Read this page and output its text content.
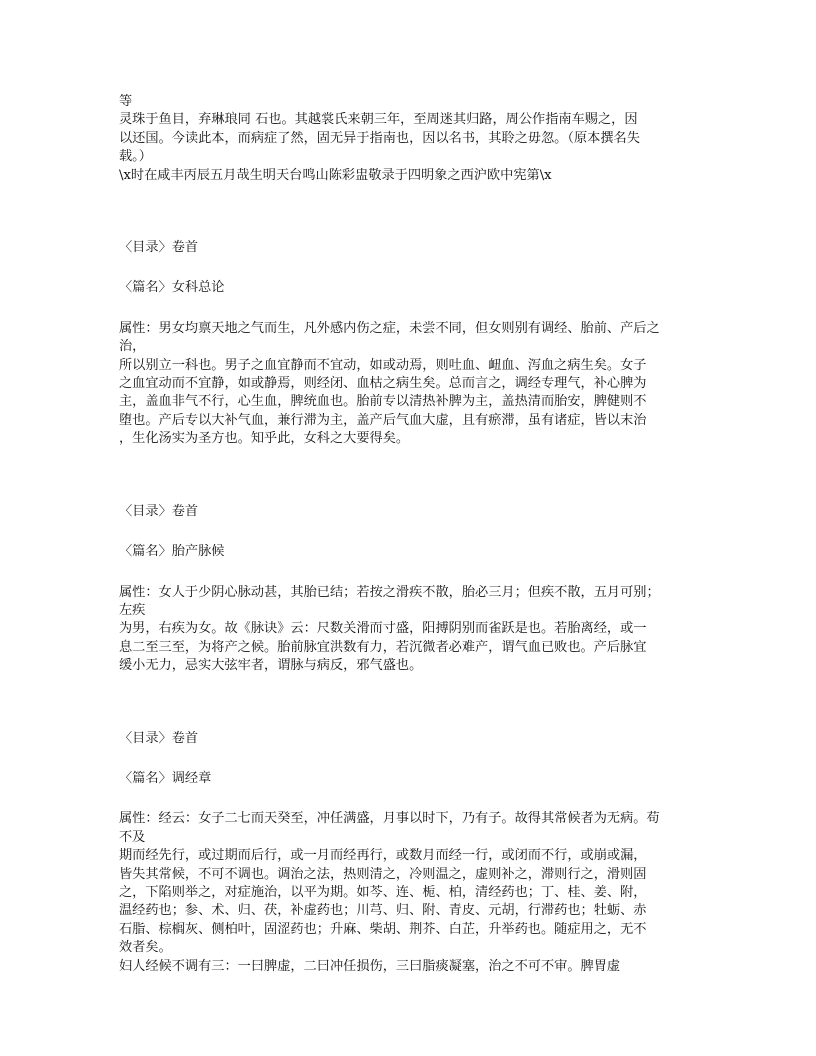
等

灵珠于鱼目，弃琳琅同 石也。其越裳氏来朝三年，至周迷其归路，周公作指南车赐之，因

以还国。今读此本，而病症了然，固无异于指南也，因以名书，其聆之毋忽。（原本撰名失

载。）

\x时在咸丰丙辰五月哉生明天台鸣山陈彩盅敬录于四明象之西沪欧中宪第\x

〈目录〉卷首

〈篇名〉女科总论

属性：男女均禀天地之气而生，凡外感内伤之症，未尝不同，但女则别有调经、胎前、产后之

治，

所以别立一科也。男子之血宜静而不宜动，如或动焉，则吐血、衄血、泻血之病生矣。女子

之血宜动而不宜静，如或静焉，则经闭、血枯之病生矣。总而言之，调经专理气，补心脾为

主，盖血非气不行，心生血，脾统血也。胎前专以清热补脾为主，盖热清而胎安，脾健则不

堕也。产后专以大补气血，兼行滞为主，盖产后气血大虚，且有瘀滞，虽有诸症，皆以末治

，生化汤实为圣方也。知乎此，女科之大要得矣。

〈目录〉卷首

〈篇名〉胎产脉候

属性：女人于少阴心脉动甚，其胎已结；若按之滑疾不散，胎必三月；但疾不散，五月可别；

左疾

为男，右疾为女。故《脉诀》云：尺数关滑而寸盛，阳搏阴别而雀跃是也。若胎离经，或一

息二至三至，为将产之候。胎前脉宜洪数有力，若沉微者必难产，谓气血已败也。产后脉宜

缓小无力，忌实大弦牢者，谓脉与病反，邪气盛也。

〈目录〉卷首

〈篇名〉调经章

属性：经云：女子二七而天癸至，冲任满盛，月事以时下，乃有子。故得其常候者为无病。苟

不及

期而经先行，或过期而后行，或一月而经再行，或数月而经一行，或闭而不行，或崩或漏，

皆失其常候，不可不调也。调治之法，热则清之，冷则温之，虚则补之，滞则行之，滑则固

之，下陷则举之，对症施治，以平为期。如芩、连、栀、柏，清经药也；丁、桂、姜、附，

温经药也；参、术、归、茯，补虚药也；川芎、归、附、青皮、元胡，行滞药也；牡蛎、赤

石脂、棕榈灰、侧柏叶，固涩药也；升麻、柴胡、荆芥、白芷，升举药也。随症用之，无不

效者矣。

妇人经候不调有三：一曰脾虚，二曰冲任损伤，三曰脂痰凝塞，治之不可不审。脾胃虚
